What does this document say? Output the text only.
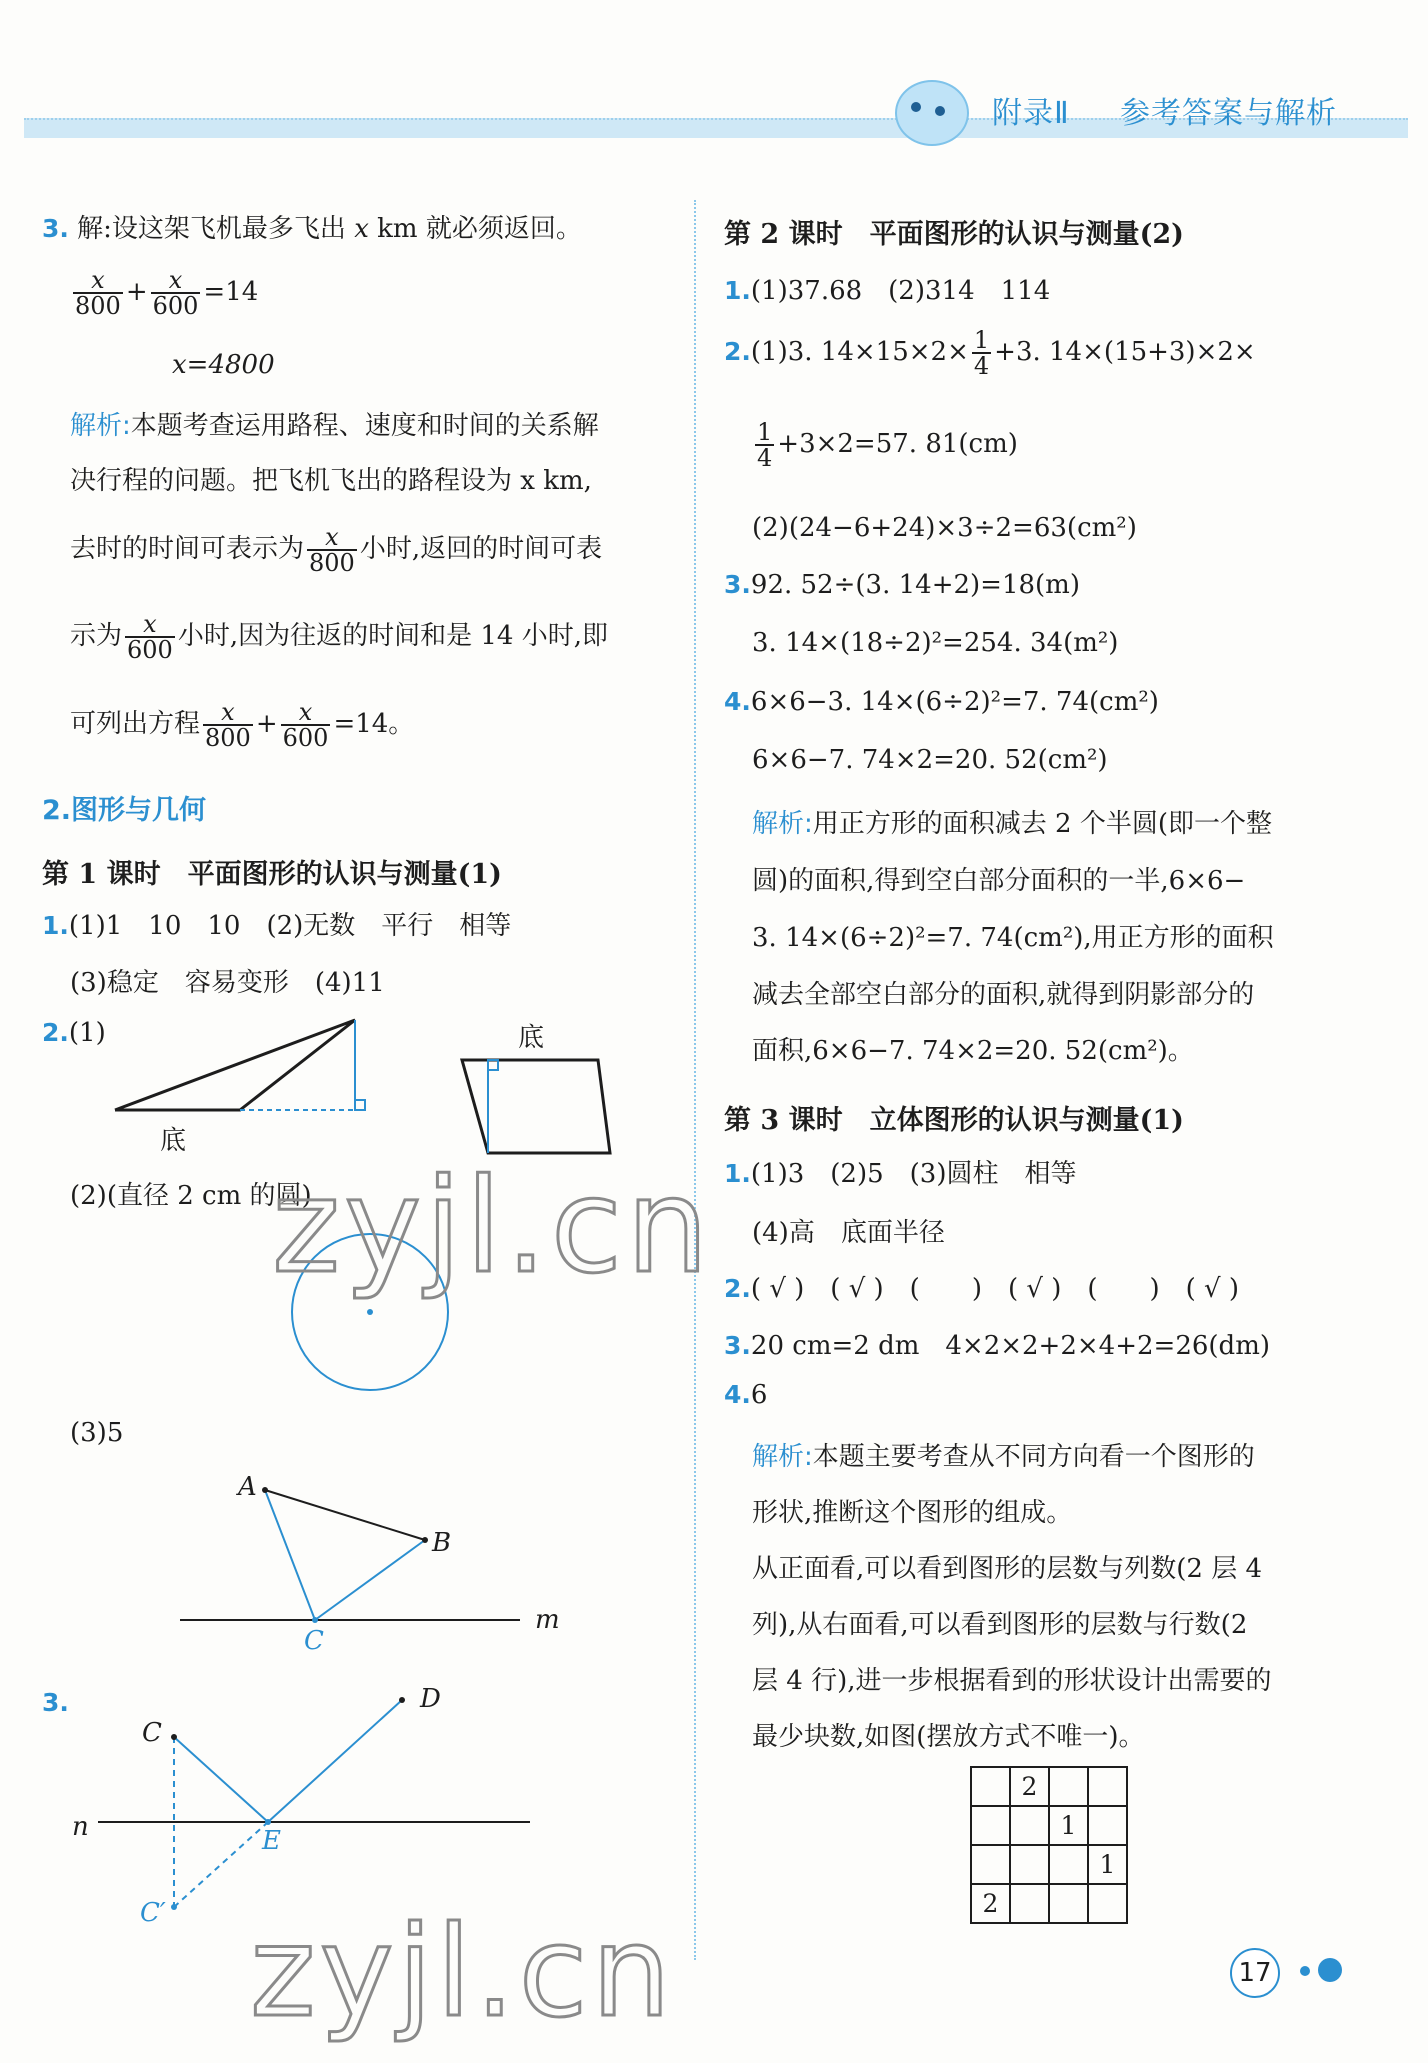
附录Ⅱ 参考答案与解析
3. 解:设这架飞机最多飞出 x km 就必须返回。
$\frac{x}{800} + \frac{x}{600} =14$
x=4800
解析:本题考查运用路程、速度和时间的关系解
决行程的问题。把飞机飞出的路程设为 x km,
去时的时间可表示为 $\frac{x}{800}$ 小时,返回的时间可表
示为 $\frac{x}{600}$ 小时,因为往返的时间和是 14 小时,即
可列出方程 $\frac{x}{800} + \frac{x}{600} =14$。
2.图形与几何
第 1 课时　平面图形的认识与测量(1)
1.(1)1　10　10　(2)无数　平行　相等
(3)稳定　容易变形　(4)11
2.(1)
底
底
(2)(直径 2 cm 的圆)
(3)5
A
B
C
m
3.
C
D
n	E
C′
第 2 课时　平面图形的认识与测量(2)
1.(1)37.68　(2)314　114
2.(1)3. $14\times 15\times 2\times \frac{1}{4} +3$. 14×(15+3)×2×
$\frac{1}{4} +3\times 2=57$. 81(cm)
(2)(24−6+24)×3÷2=63(cm²)
3.92. 52÷(3. 14+2)=18(m)
3. 14×(18÷2)²=254. 34(m²)
4.6×6−3. 14×(6÷2)²=7. 74(cm²)
6×6−7. 74×2=20. 52(cm²)
解析:用正方形的面积减去 2 个半圆(即一个整
圆)的面积,得到空白部分面积的一半,6×6−
3. 14×(6÷2)²=7. 74(cm²),用正方形的面积
减去全部空白部分的面积,就得到阴影部分的
面积,6×6−7. 74×2=20. 52(cm²)。
第 3 课时　立体图形的认识与测量(1)
1.(1)3　(2)5　(3)圆柱　相等
(4)高　底面半径
2.( √ )　( √ )　(　　)　( √ )　(　　)　( √ )
3.20 cm=2 dm　4×2×2+2×4+2=26(dm)
4.6
解析:本题主要考查从不同方向看一个图形的
形状,推断这个图形的组成。
从正面看,可以看到图形的层数与列数(2 层 4
列),从右面看,可以看到图形的层数与行数(2
层 4 行),进一步根据看到的形状设计出需要的
最少块数,如图(摆放方式不唯一)。
	2		
		1	
			1
2			
zyjl.cn
zyjl.cn	17
